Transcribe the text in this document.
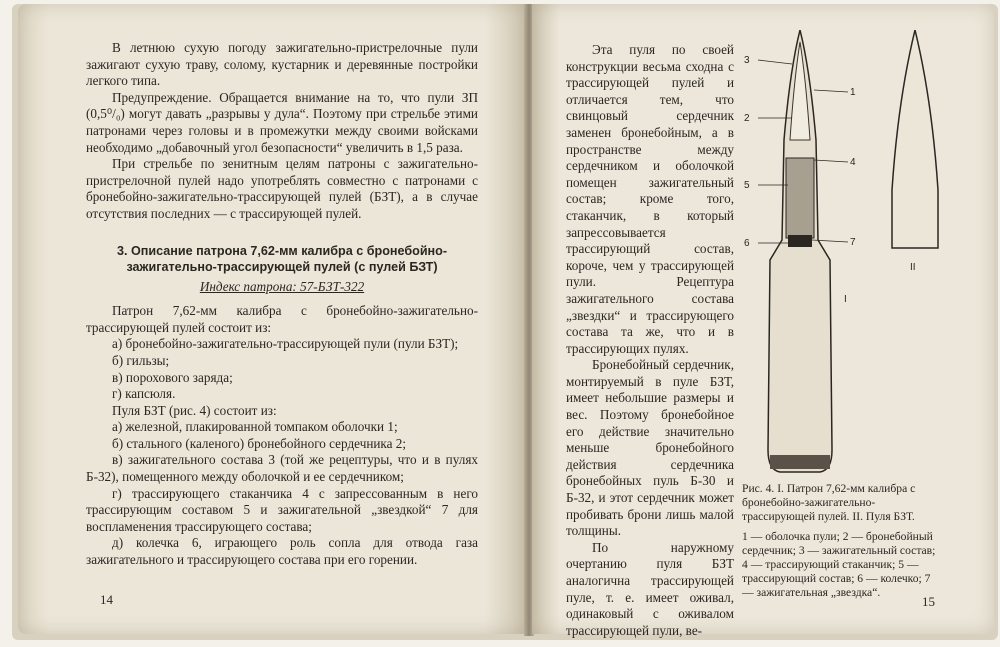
В летнюю сухую погоду зажигательно-пристрелочные пули зажигают сухую траву, солому, кустарник и деревянные постройки легкого типа.

Предупреждение. Обращается внимание на то, что пули ЗП (0,5⁰/₀) могут давать „разрывы у дула“. Поэтому при стрельбе этими патронами через головы и в промежутки между своими войсками необходимо „добавочный угол безопасности“ увеличить в 1,5 раза.

При стрельбе по зенитным целям патроны с зажигательно-пристрелочной пулей надо употреблять совместно с патронами с бронебойно-зажигательно-трассирующей пулей (БЗТ), а в случае отсутствия последних — с трассирующей пулей.

3. Описание патрона 7,62-мм калибра с бронебойно-зажигательно-трассирующей пулей (с пулей БЗТ)

Индекс патрона: 57-БЗТ-322

Патрон 7,62-мм калибра с бронебойно-зажигательно-трассирующей пулей состоит из:

а) бронебойно-зажигательно-трассирующей пули (пули БЗТ);

б) гильзы;

в) порохового заряда;

г) капсюля.

Пуля БЗТ (рис. 4) состоит из:

а) железной, плакированной томпаком оболочки 1;

б) стального (каленого) бронебойного сердечника 2;

в) зажигательного состава 3 (той же рецептуры, что и в пулях Б-32), помещенного между оболочкой и ее сердечником;

г) трассирующего стаканчика 4 с запрессованным в него трассирующим составом 5 и зажигательной „звездкой“ 7 для воспламенения трассирующего состава;

д) колечка 6, играющего роль сопла для отвода газа зажигательного и трассирующего состава при его горении.

14

Эта пуля по своей конструкции весьма сходна с трассирующей пулей и отличается тем, что свинцовый сердечник заменен бронебойным, а в пространстве между сердечником и оболочкой помещен зажигательный состав; кроме того, стаканчик, в который запрессовывается трассирующий состав, короче, чем у трассирующей пули. Рецептура зажигательного состава „звездки“ и трассирующего состава та же, что и в трассирующих пулях.

Бронебойный сердечник, монтируемый в пуле БЗТ, имеет небольшие размеры и вес. Поэтому бронебойное его действие значительно меньше бронебойного действия сердечника бронебойных пуль Б-30 и Б-32, и этот сердечник может пробивать брони лишь малой толщины.

По наружному очертанию пуля БЗТ аналогична трассирующей пуле, т. е. имеет оживал, одинаковый с оживалом трассирующей пули, ве-

3
2
5
6
1
4
7
I
II

Рис. 4. I. Патрон 7,62-мм калибра с бронебойно-зажигательно-трассирующей пулей. II. Пуля БЗТ.

1 — оболочка пули; 2 — бронебойный сердечник; 3 — зажигательный состав; 4 — трассирующий стаканчик; 5 — трассирующий состав; 6 — колечко; 7 — зажигательная „звездка“.

15
